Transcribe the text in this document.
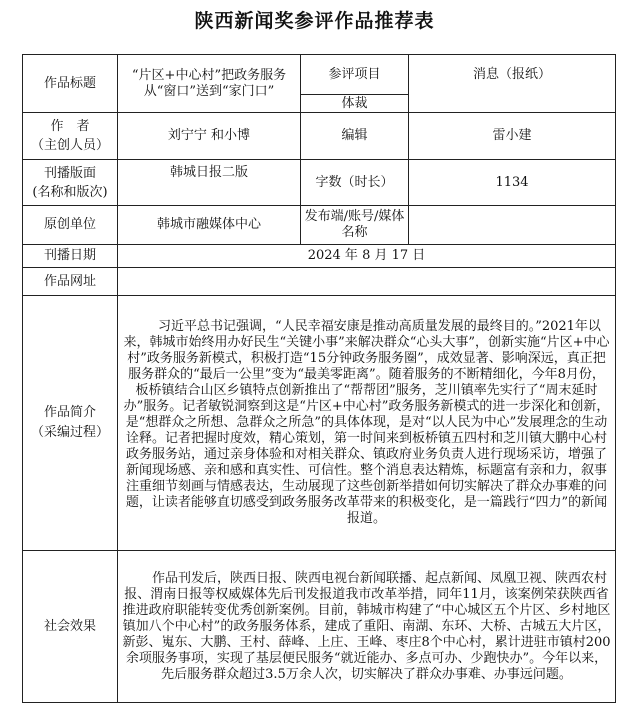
陕西新闻奖参评作品推荐表
作品标题	“片区+中心村”把政务服务从“窗口”送到“家门口”	参评项目	消息（报纸）
		体裁	
作　者
（主创人员）	刘宁宁 和小博	编辑	雷小建
刊播版面
(名称和版次)	韩城日报二版	字数（时长）	1134
原创单位	韩城市融媒体中心	发布端/账号/媒体名称	
刊播日期	2024 年 8 月 17 日		
作品网址			
作品简介
（采编过程）	习近平总书记强调，“人民幸福安康是推动高质量发展的最终目的。”2021年以来，韩城市始终用办好民生“关键小事”来解决群众“心头大事”，创新实施“片区+中心村”政务服务新模式，积极打造“15分钟政务服务圈”，成效显著、影响深远，真正把服务群众的“最后一公里”变为“最美零距离”。随着服务的不断精细化，今年8月份，板桥镇结合山区乡镇特点创新推出了“帮帮团”服务，芝川镇率先实行了“周末延时办”服务。记者敏锐洞察到这是“片区+中心村”政务服务新模式的进一步深化和创新，是“想群众之所想、急群众之所急”的具体体现，是对“以人民为中心”发展理念的生动诠释。记者把握时度效，精心策划，第一时间来到板桥镇五四村和芝川镇大鹏中心村政务服务站，通过亲身体验和对相关群众、镇政府业务负责人进行现场采访，增强了新闻现场感、亲和感和真实性、可信性。整个消息表达精炼，标题富有亲和力，叙事注重细节刻画与情感表达，生动展现了这些创新举措如何切实解决了群众办事难的问题，让读者能够直切感受到政务服务改革带来的积极变化，是一篇践行“四力”的新闻报道。		

社会效果	作品刊发后，陕西日报、陕西电视台新闻联播、起点新闻、凤凰卫视、陕西农村报、渭南日报等权威媒体先后刊发报道我市改革举措，同年11月，该案例荣获陕西省推进政府职能转变优秀创新案例。目前，韩城市构建了“中心城区五个片区、乡村地区镇加八个中心村”的政务服务体系，建成了重阳、南湖、东环、大桥、古城五大片区，新彭、嵬东、大鹏、王村、薛峰、上庄、王峰、枣庄8个中心村，累计进驻市镇村200余项服务事项，实现了基层便民服务“就近能办、多点可办、少跑快办”。今年以来，先后服务群众超过3.5万余人次，切实解决了群众办事难、办事远问题。		
